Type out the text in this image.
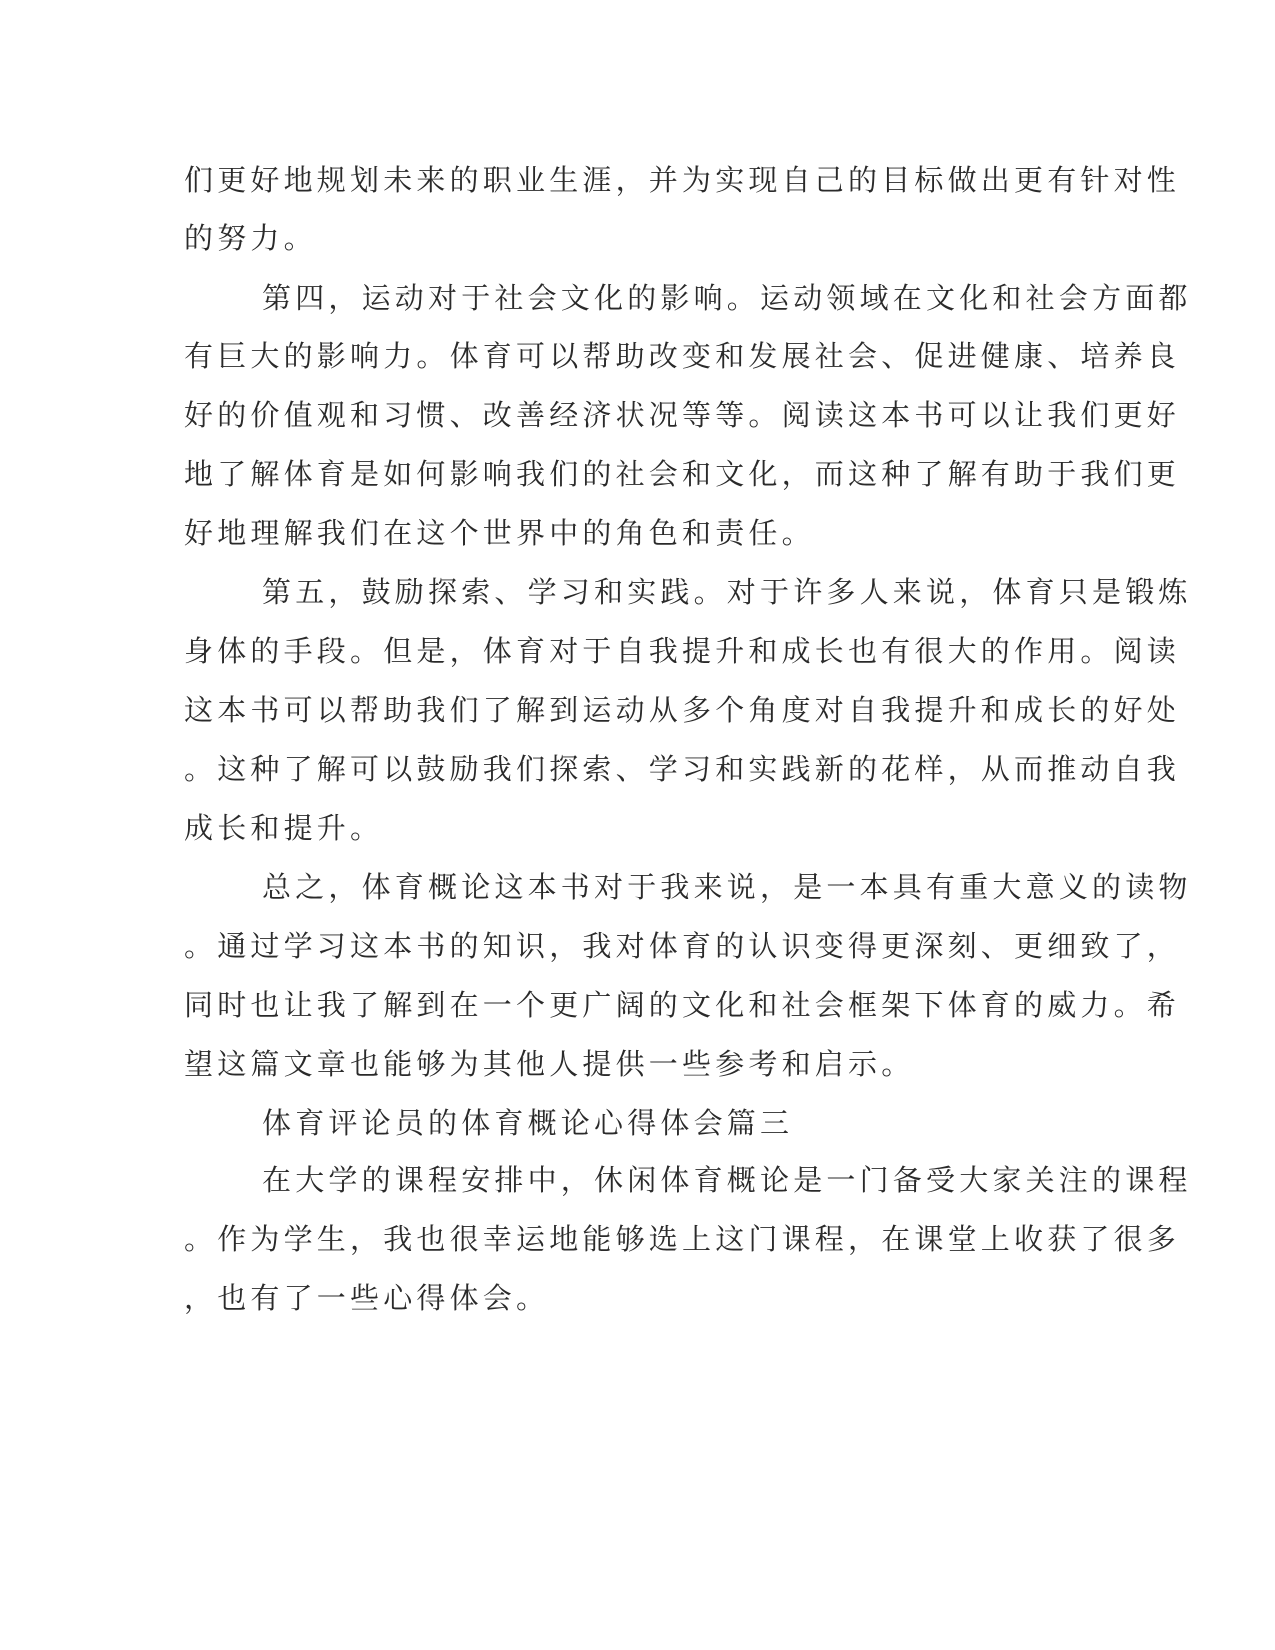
们更好地规划未来的职业生涯，并为实现自己的目标做出更有针对性
的努力。
第四，运动对于社会文化的影响。运动领域在文化和社会方面都
有巨大的影响力。体育可以帮助改变和发展社会、促进健康、培养良
好的价值观和习惯、改善经济状况等等。阅读这本书可以让我们更好
地了解体育是如何影响我们的社会和文化，而这种了解有助于我们更
好地理解我们在这个世界中的角色和责任。
第五，鼓励探索、学习和实践。对于许多人来说，体育只是锻炼
身体的手段。但是，体育对于自我提升和成长也有很大的作用。阅读
这本书可以帮助我们了解到运动从多个角度对自我提升和成长的好处
。这种了解可以鼓励我们探索、学习和实践新的花样，从而推动自我
成长和提升。
总之，体育概论这本书对于我来说，是一本具有重大意义的读物
。通过学习这本书的知识，我对体育的认识变得更深刻、更细致了，
同时也让我了解到在一个更广阔的文化和社会框架下体育的威力。希
望这篇文章也能够为其他人提供一些参考和启示。
体育评论员的体育概论心得体会篇三
在大学的课程安排中，休闲体育概论是一门备受大家关注的课程
。作为学生，我也很幸运地能够选上这门课程，在课堂上收获了很多
，也有了一些心得体会。
